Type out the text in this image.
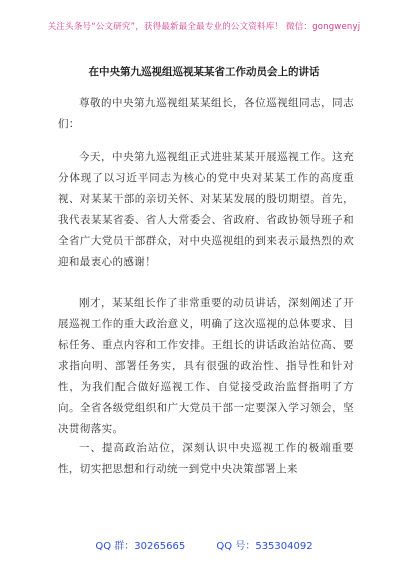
关注头条号“公文研究”，获得最新最全最专业的公文资料库！ 微信：gongwenyj
在中央第九巡视组巡视某某省工作动员会上的讲话
尊敬的中央第九巡视组某某组长，各位巡视组同志，同志们：
今天，中央第九巡视组正式进驻某某开展巡视工作。这充分体现了以习近平同志为核心的党中央对某某工作的高度重视、对某某干部的亲切关怀、对某某发展的殷切期望。首先，我代表某某省委、省人大常委会、省政府、省政协领导班子和全省广大党员干部群众，对中央巡视组的到来表示最热烈的欢迎和最衷心的感谢！
刚才，某某组长作了非常重要的动员讲话，深刻阐述了开展巡视工作的重大政治意义，明确了这次巡视的总体要求、目标任务、重点内容和工作安排。王组长的讲话政治站位高、要求指向明、部署任务实，具有很强的政治性、指导性和针对性，为我们配合做好巡视工作、自觉接受政治监督指明了方向。全省各级党组织和广大党员干部一定要深入学习领会，坚决贯彻落实。
一、提高政治站位，深刻认识中央巡视工作的极端重要性，切实把思想和行动统一到党中央决策部署上来
QQ 群：30265665	QQ 号：535304092
